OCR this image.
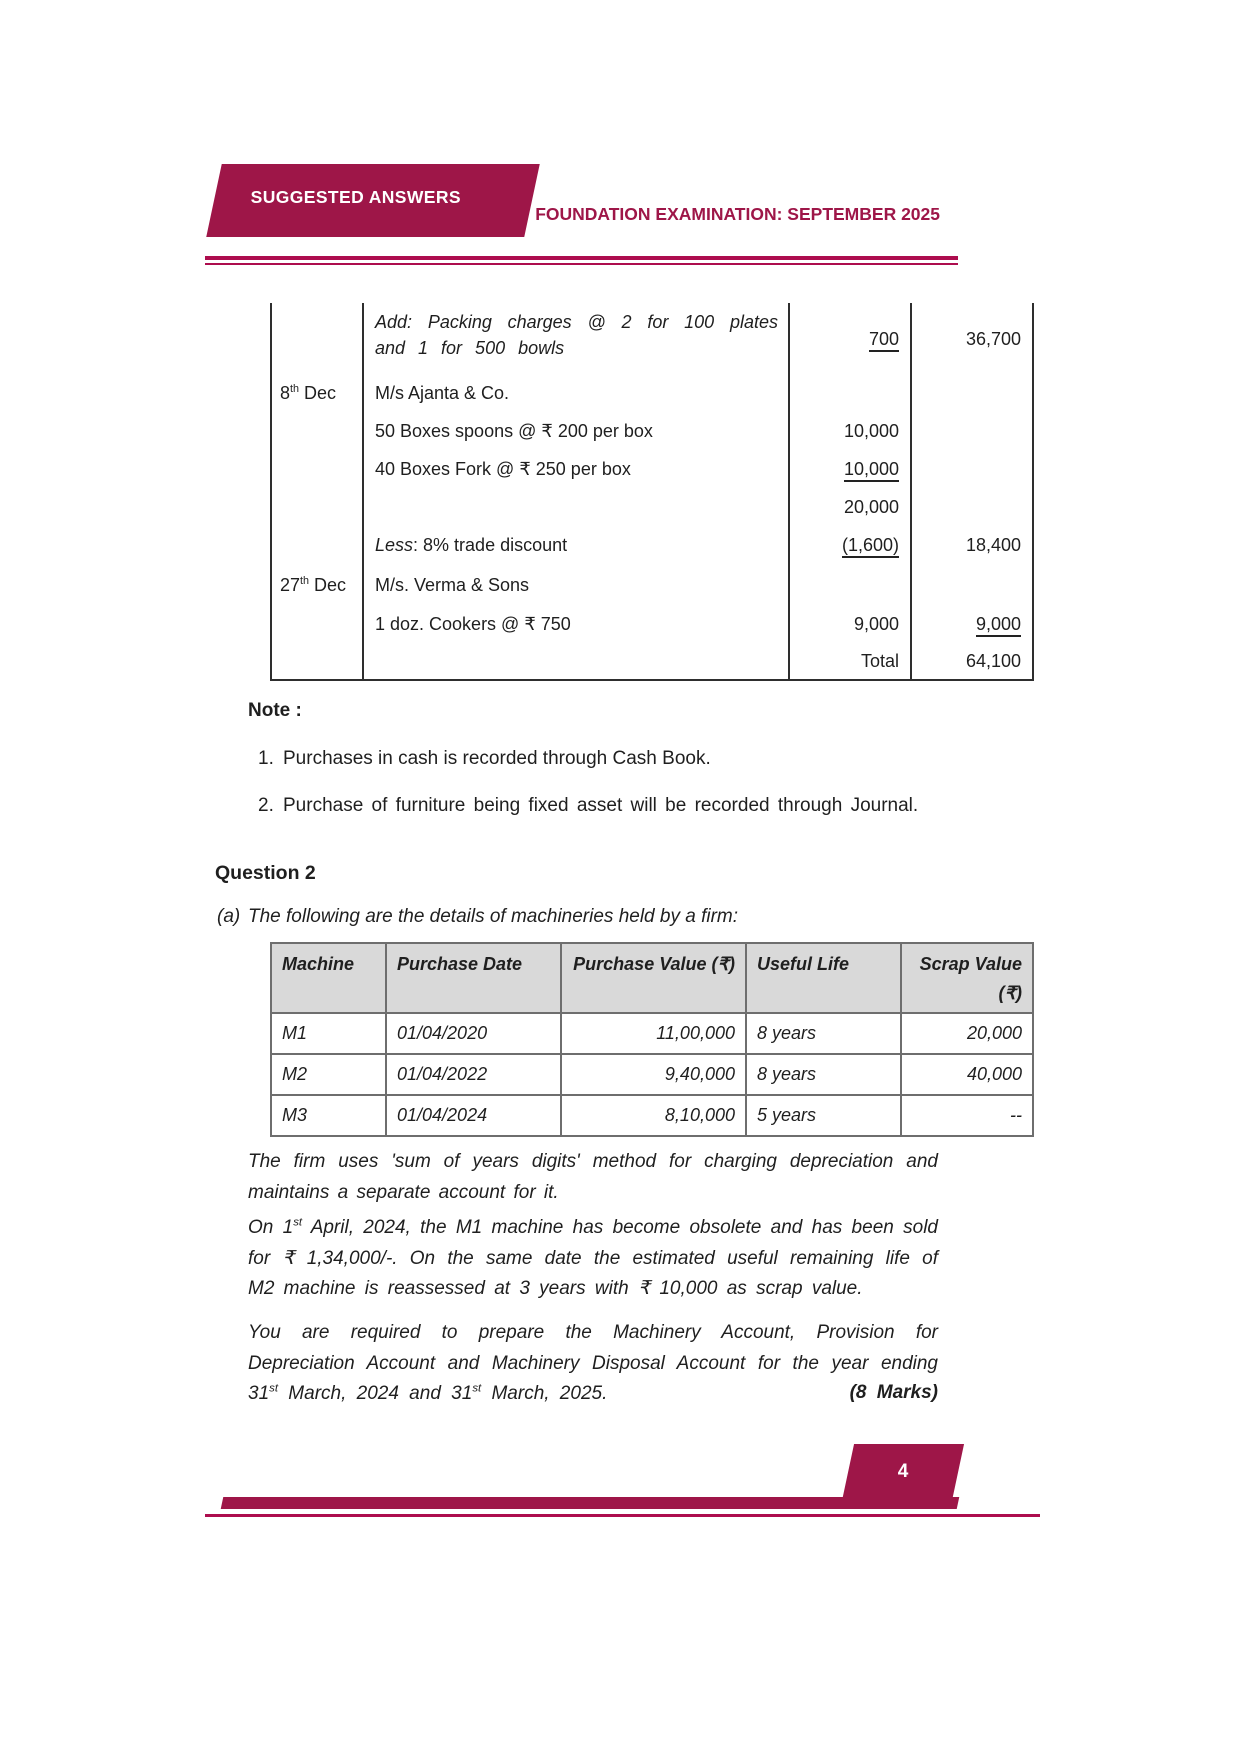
SUGGESTED ANSWERS
FOUNDATION EXAMINATION: SEPTEMBER 2025
	Add: Packing charges @ 2 for 100 plates and 1 for 500 bowls	700	36,700
8th Dec	M/s Ajanta & Co.		
	50 Boxes spoons @ ₹ 200 per box	10,000	
	40 Boxes Fork @ ₹ 250 per box	10,000	
		20,000	
	Less: 8% trade discount	(1,600)	18,400
27th Dec	M/s. Verma & Sons		
	1 doz. Cookers @ ₹ 750	9,000	9,000
		Total	64,100
Note :
1. Purchases in cash is recorded through Cash Book.
2. Purchase of furniture being fixed asset will be recorded through Journal.
Question 2
(a) The following are the details of machineries held by a firm:
Machine	Purchase Date	Purchase Value (₹)	Useful Life	Scrap Value (₹)
M1	01/04/2020	11,00,000	8 years	20,000
M2	01/04/2022	9,40,000	8 years	40,000
M3	01/04/2024	8,10,000	5 years	--
The firm uses 'sum of years digits' method for charging depreciation and maintains a separate account for it.
On 1st April, 2024, the M1 machine has become obsolete and has been sold for ₹ 1,34,000/-. On the same date the estimated useful remaining life of M2 machine is reassessed at 3 years with ₹ 10,000 as scrap value.
You are required to prepare the Machinery Account, Provision for Depreciation Account and Machinery Disposal Account for the year ending 31st March, 2024 and 31st March, 2025.	(8 Marks)
4
